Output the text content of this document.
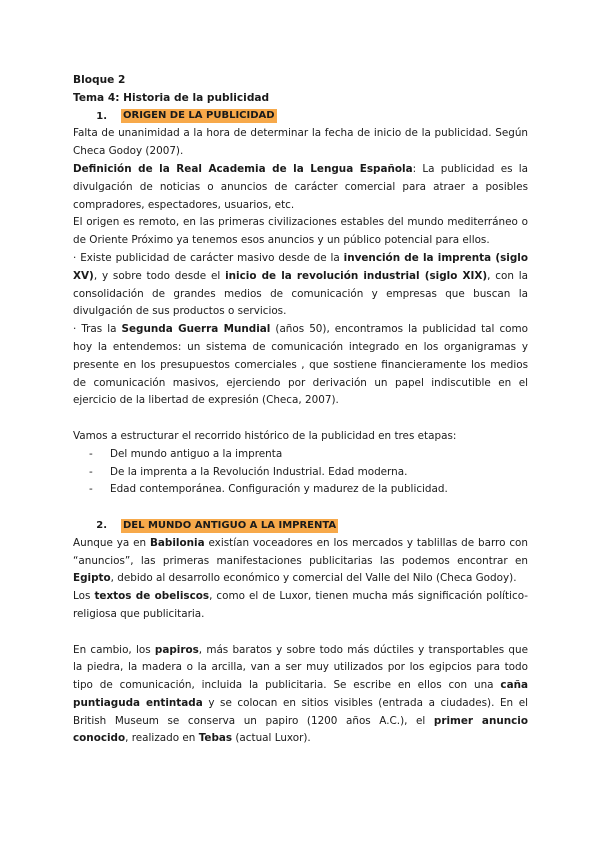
Bloque 2
Tema 4: Historia de la publicidad
1. ORIGEN DE LA PUBLICIDAD

Falta de unanimidad a la hora de determinar la fecha de inicio de la publicidad. Según Checa Godoy (2007).

Definición de la Real Academia de la Lengua Española: La publicidad es la divulgación de noticias o anuncios de carácter comercial para atraer a posibles compradores, espectadores, usuarios, etc.

El origen es remoto, en las primeras civilizaciones estables del mundo mediterráneo o de Oriente Próximo ya tenemos esos anuncios y un público potencial para ellos.

· Existe publicidad de carácter masivo desde de la invención de la imprenta (siglo XV), y sobre todo desde el inicio de la revolución industrial (siglo XIX), con la consolidación de grandes medios de comunicación y empresas que buscan la divulgación de sus productos o servicios.

· Tras la Segunda Guerra Mundial (años 50), encontramos la publicidad tal como hoy la entendemos: un sistema de comunicación integrado en los organigramas y presente en los presupuestos comerciales , que sostiene financieramente los medios de comunicación masivos, ejerciendo por derivación un papel indiscutible en el ejercicio de la libertad de expresión (Checa, 2007).

Vamos a estructurar el recorrido histórico de la publicidad en tres etapas:

- Del mundo antiguo a la imprenta
- De la imprenta a la Revolución Industrial. Edad moderna.
- Edad contemporánea. Configuración y madurez de la publicidad.
2. DEL MUNDO ANTIGUO A LA IMPRENTA

Aunque ya en Babilonia existían voceadores en los mercados y tablillas de barro con “anuncios”, las primeras manifestaciones publicitarias las podemos encontrar en Egipto, debido al desarrollo económico y comercial del Valle del Nilo (Checa Godoy).

Los textos de obeliscos, como el de Luxor, tienen mucha más significación político-religiosa que publicitaria.

En cambio, los papiros, más baratos y sobre todo más dúctiles y transportables que la piedra, la madera o la arcilla, van a ser muy utilizados por los egipcios para todo tipo de comunicación, incluida la publicitaria. Se escribe en ellos con una caña puntiaguda entintada y se colocan en sitios visibles (entrada a ciudades). En el British Museum se conserva un papiro (1200 años A.C.), el primer anuncio conocido, realizado en Tebas (actual Luxor).
